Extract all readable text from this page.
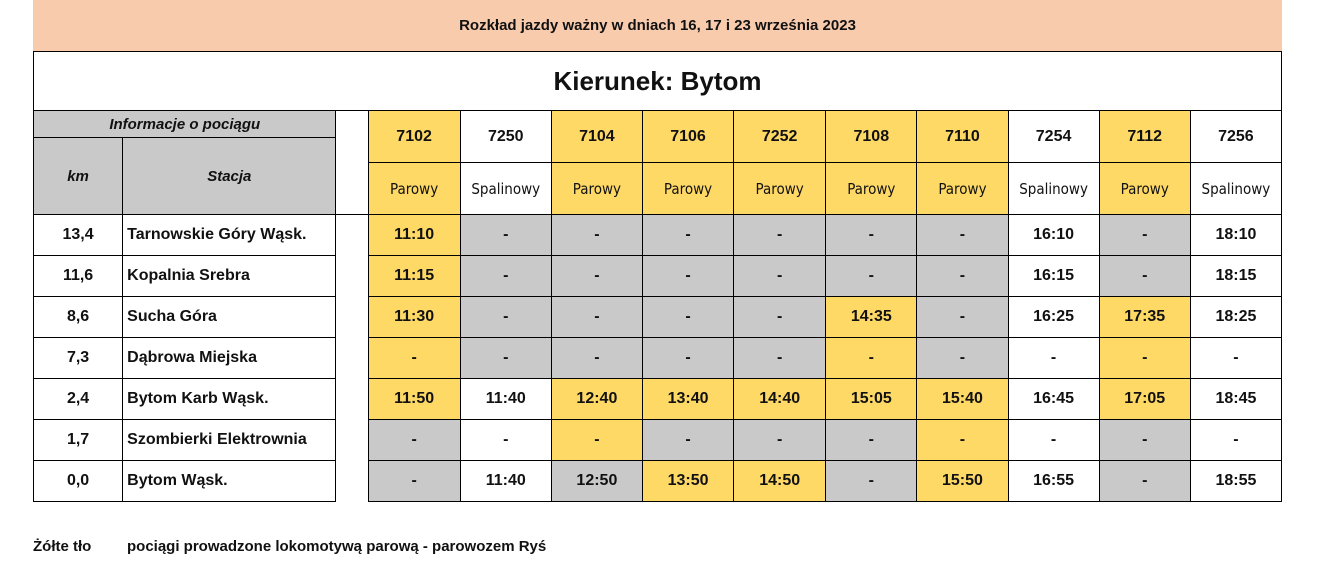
Rozkład jazdy ważny w dniach 16, 17 i 23 września 2023
Kierunek: Bytom
Informacje o pociągu			7102	7250	7104	7106	7252	7108	7110	7254	7112	7256
km	Stacja											
			Parowy	Spalinowy	Parowy	Parowy	Parowy	Parowy	Parowy	Spalinowy	Parowy	Spalinowy
13,4	Tarnowskie Góry Wąsk.		11:10	-	-	-	-	-	-	16:10	-	18:10
11,6	Kopalnia Srebra		11:15	-	-	-	-	-	-	16:15	-	18:15
8,6	Sucha Góra		11:30	-	-	-	-	14:35	-	16:25	17:35	18:25
7,3	Dąbrowa Miejska		-	-	-	-	-	-	-	-	-	-
2,4	Bytom Karb Wąsk.		11:50	11:40	12:40	13:40	14:40	15:05	15:40	16:45	17:05	18:45
1,7	Szombierki Elektrownia		-	-	-	-	-	-	-	-	-	-
0,0	Bytom Wąsk.		-	11:40	12:50	13:50	14:50	-	15:50	16:55	-	18:55
Żółte tło	pociągi prowadzone lokomotywą parową - parowozem Ryś
